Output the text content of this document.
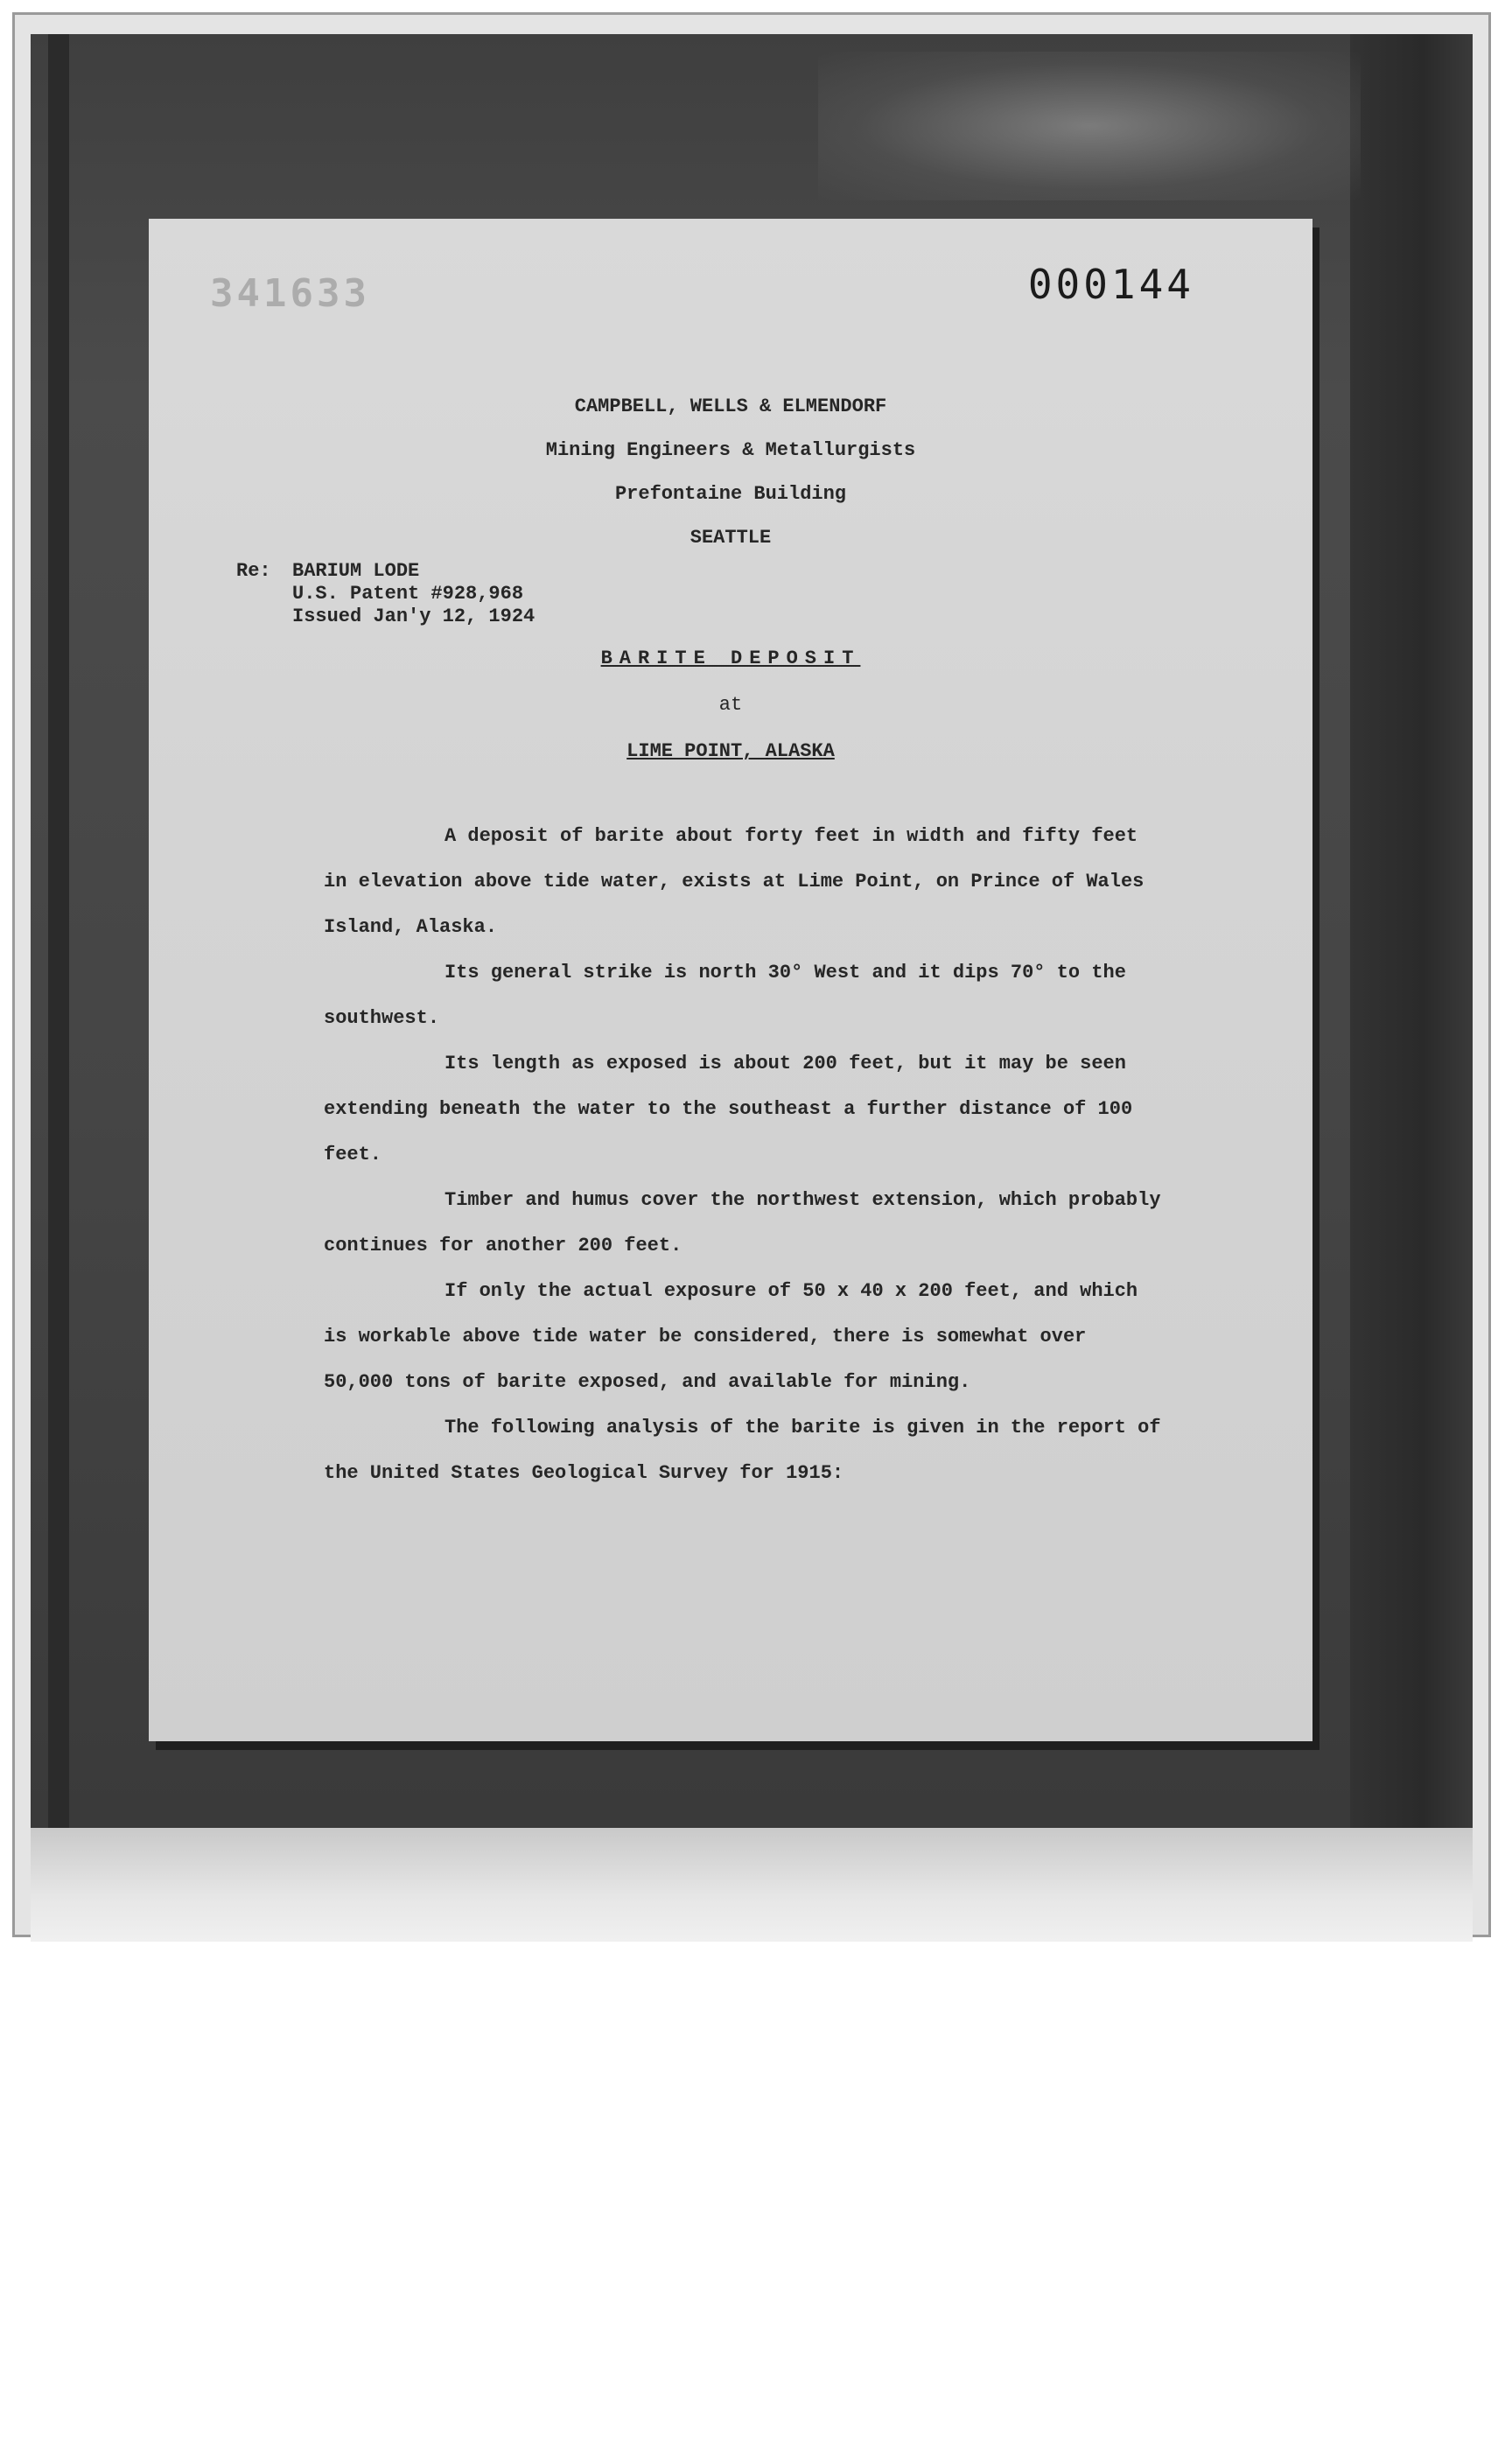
341633	000144
CAMPBELL, WELLS & ELMENDORF
Mining Engineers & Metallurgists
Prefontaine Building
SEATTLE
Re: BARIUM LODE
U.S. Patent #928,968
Issued Jan'y 12, 1924
BARITE DEPOSIT
at
LIME POINT, ALASKA

A deposit of barite about forty feet in width and fifty feet in elevation above tide water, exists at Lime Point, on Prince of Wales Island, Alaska.

Its general strike is north 30° West and it dips 70° to the southwest.

Its length as exposed is about 200 feet, but it may be seen extending beneath the water to the southeast a further distance of 100 feet.

Timber and humus cover the northwest extension, which probably continues for another 200 feet.

If only the actual exposure of 50 x 40 x 200 feet, and which is workable above tide water be considered, there is somewhat over 50,000 tons of barite exposed, and available for mining.

The following analysis of the barite is given in the report of the United States Geological Survey for 1915:
